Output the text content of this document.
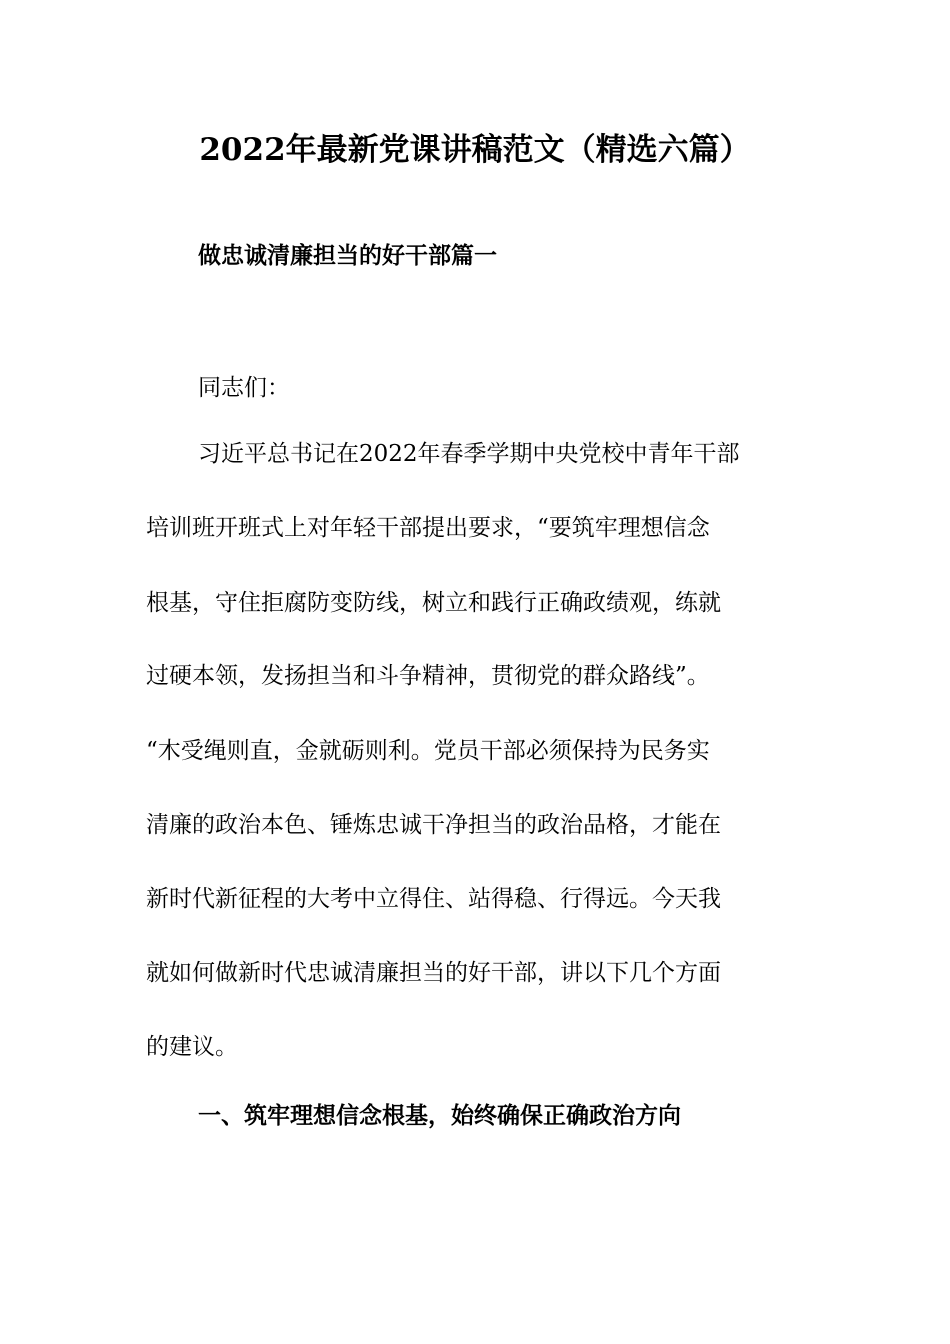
2022年最新党课讲稿范文（精选六篇）
做忠诚清廉担当的好干部篇一
同志们：
习近平总书记在2022年春季学期中央党校中青年干部
培训班开班式上对年轻干部提出要求，“要筑牢理想信念
根基，守住拒腐防变防线，树立和践行正确政绩观，练就
过硬本领，发扬担当和斗争精神，贯彻党的群众路线”。
“木受绳则直，金就砺则利。党员干部必须保持为民务实
清廉的政治本色、锤炼忠诚干净担当的政治品格，才能在
新时代新征程的大考中立得住、站得稳、行得远。今天我
就如何做新时代忠诚清廉担当的好干部，讲以下几个方面
的建议。
一、筑牢理想信念根基，始终确保正确政治方向
